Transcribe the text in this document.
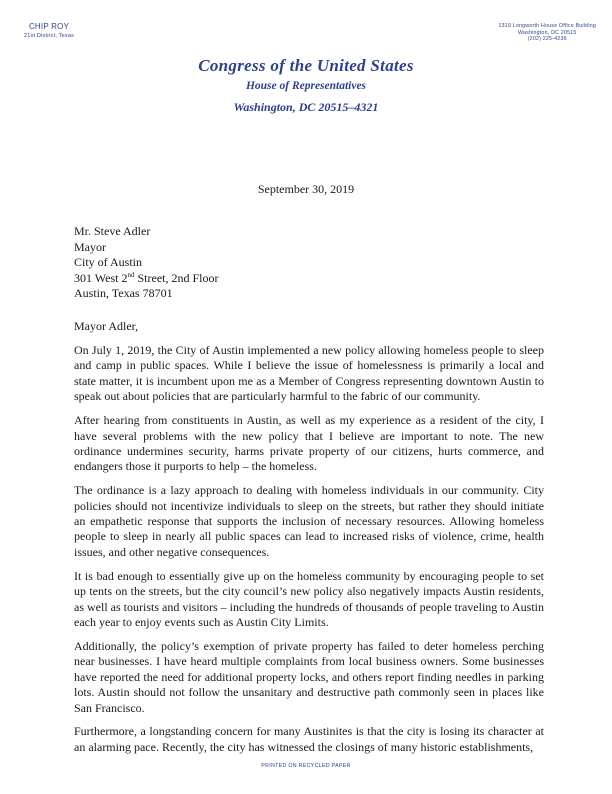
CHIP ROY
21st District, Texas
1319 Longworth House Office Building
Washington, DC 20515
(202) 225-4236
Congress of the United States
House of Representatives
Washington, DC 20515–4321
September 30, 2019
Mr. Steve Adler
Mayor
City of Austin
301 West 2nd Street, 2nd Floor
Austin, Texas 78701
Mayor Adler,

On July 1, 2019, the City of Austin implemented a new policy allowing homeless people to sleep and camp in public spaces. While I believe the issue of homelessness is primarily a local and state matter, it is incumbent upon me as a Member of Congress representing downtown Austin to speak out about policies that are particularly harmful to the fabric of our community.

After hearing from constituents in Austin, as well as my experience as a resident of the city, I have several problems with the new policy that I believe are important to note. The new ordinance undermines security, harms private property of our citizens, hurts commerce, and endangers those it purports to help – the homeless.

The ordinance is a lazy approach to dealing with homeless individuals in our community. City policies should not incentivize individuals to sleep on the streets, but rather they should initiate an empathetic response that supports the inclusion of necessary resources. Allowing homeless people to sleep in nearly all public spaces can lead to increased risks of violence, crime, health issues, and other negative consequences.

It is bad enough to essentially give up on the homeless community by encouraging people to set up tents on the streets, but the city council’s new policy also negatively impacts Austin residents, as well as tourists and visitors – including the hundreds of thousands of people traveling to Austin each year to enjoy events such as Austin City Limits.

Additionally, the policy’s exemption of private property has failed to deter homeless perching near businesses. I have heard multiple complaints from local business owners. Some businesses have reported the need for additional property locks, and others report finding needles in parking lots. Austin should not follow the unsanitary and destructive path commonly seen in places like San Francisco.

Furthermore, a longstanding concern for many Austinites is that the city is losing its character at an alarming pace. Recently, the city has witnessed the closings of many historic establishments,

PRINTED ON RECYCLED PAPER
